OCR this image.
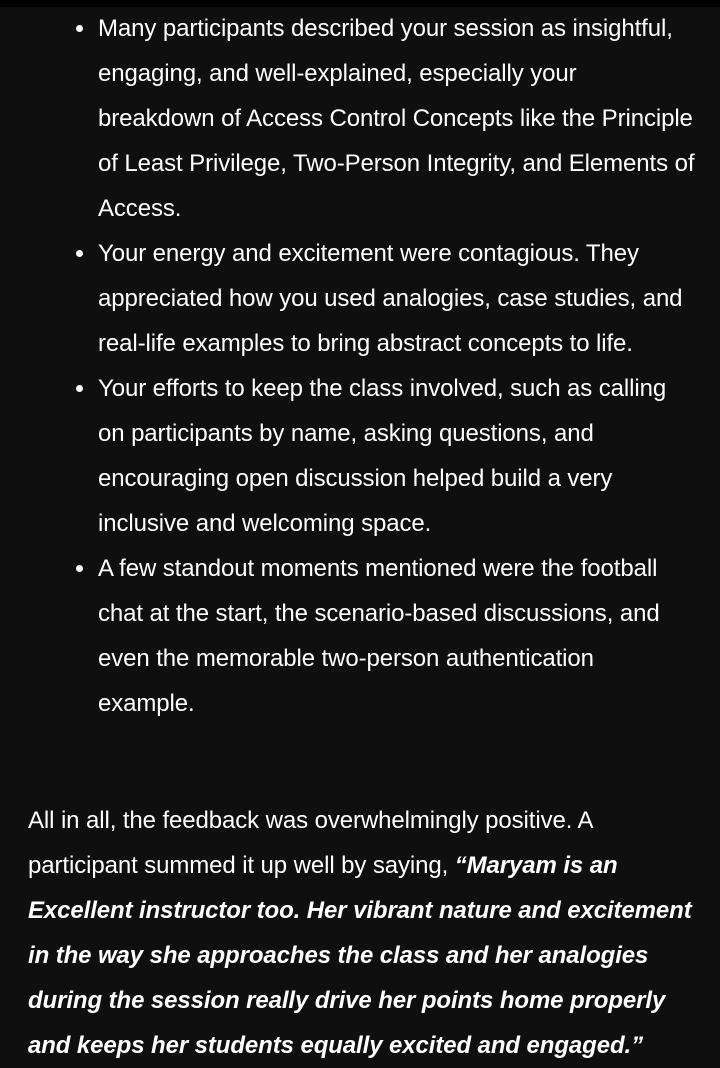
Many participants described your session as insightful, engaging, and well-explained, especially your breakdown of Access Control Concepts like the Principle of Least Privilege, Two-Person Integrity, and Elements of Access.
Your energy and excitement were contagious. They appreciated how you used analogies, case studies, and real-life examples to bring abstract concepts to life.
Your efforts to keep the class involved, such as calling on participants by name, asking questions, and encouraging open discussion helped build a very inclusive and welcoming space.
A few standout moments mentioned were the football chat at the start, the scenario-based discussions, and even the memorable two-person authentication example.

All in all, the feedback was overwhelmingly positive. A participant summed it up well by saying, “Maryam is an Excellent instructor too. Her vibrant nature and excitement in the way she approaches the class and her analogies during the session really drive her points home properly and keeps her students equally excited and engaged.”
